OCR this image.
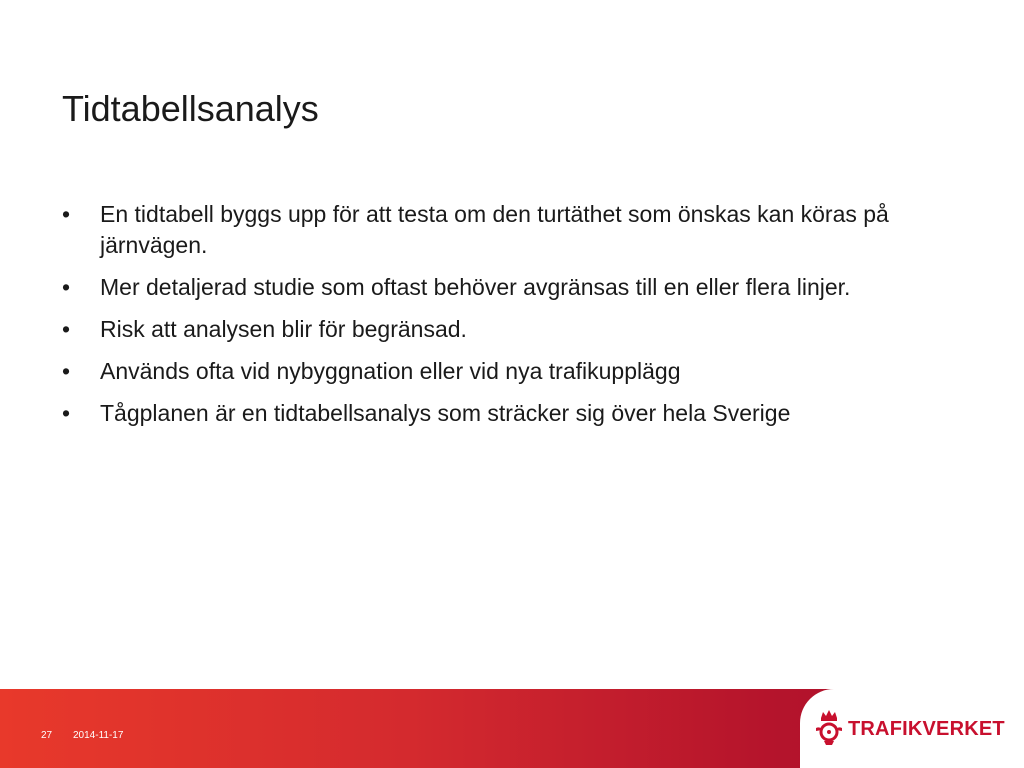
Tidtabellsanalys
•	En tidtabell byggs upp för att testa om den turtäthet som önskas kan köras på järnvägen.
•	Mer detaljerad studie som oftast behöver avgränsas till en eller flera linjer.
•	Risk att analysen blir för begränsad.
•	Används ofta vid nybyggnation eller vid nya trafikupplägg
•	Tågplanen är en tidtabellsanalys som sträcker sig över hela Sverige
27 2014-11-17	TRAFIKVERKET
